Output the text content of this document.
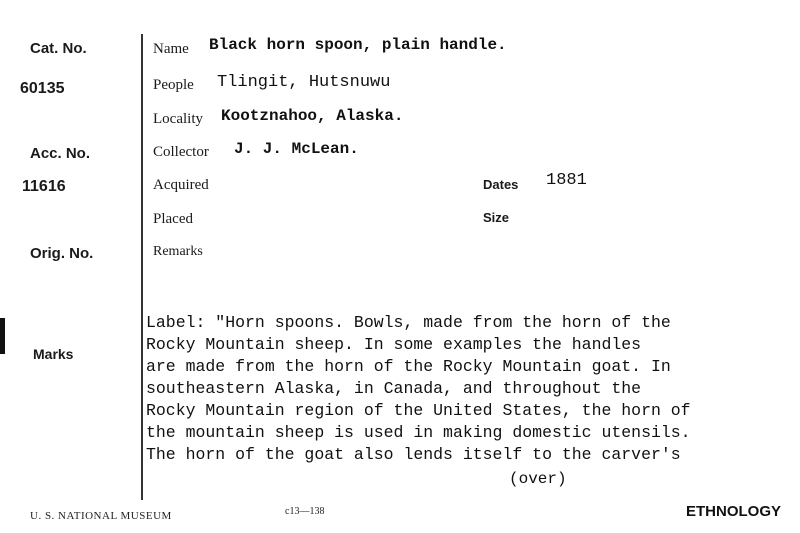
Cat. No.
60135
Acc. No.
11616
Orig. No.
Marks
Name Black horn spoon, plain handle.
People Tlingit, Hutsnuwu
Locality Kootznahoo, Alaska.
Collector J. J. McLean.
Acquired	Dates 1881
Placed	Size
Remarks
Label: "Horn spoons. Bowls, made from the horn of the
Rocky Mountain sheep. In some examples the handles
are made from the horn of the Rocky Mountain goat. In
southeastern Alaska, in Canada, and throughout the
Rocky Mountain region of the United States, the horn of
the mountain sheep is used in making domestic utensils.
The horn of the goat also lends itself to the carver's
(over)
U. S. NATIONAL MUSEUM	c13—138	ETHNOLOGY
